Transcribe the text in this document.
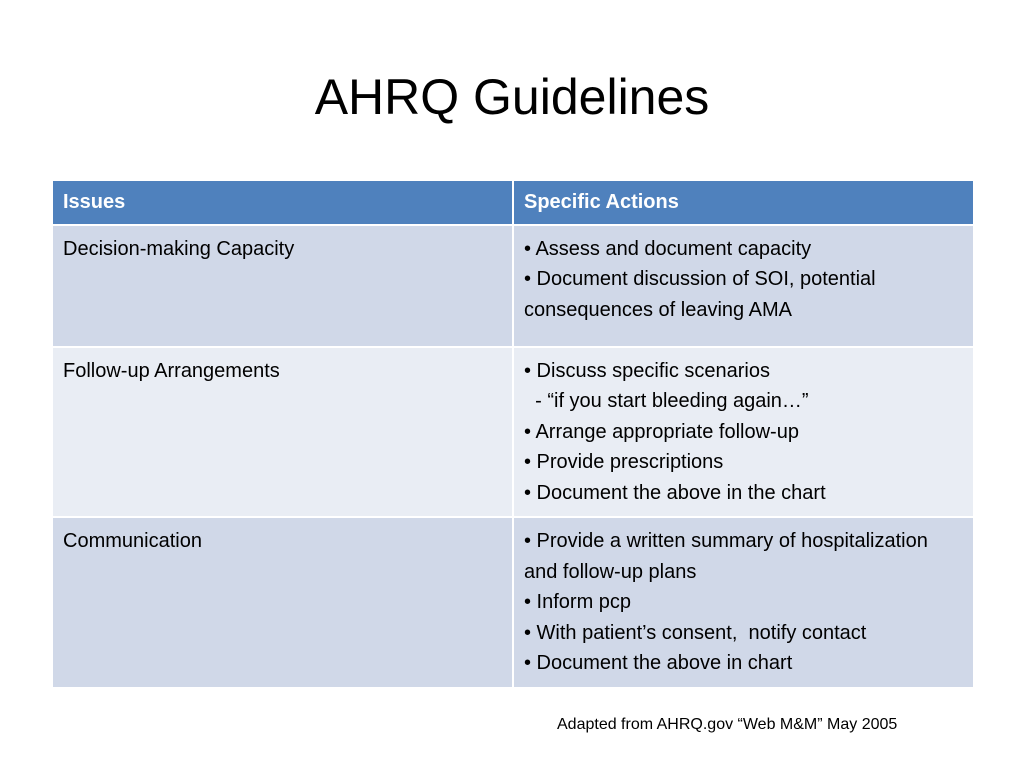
AHRQ Guidelines
Issues	Specific Actions
Decision-making Capacity	• Assess and document capacity
• Document discussion of SOI, potential consequences of leaving AMA

Follow-up Arrangements	• Discuss specific scenarios
- “if you start bleeding again…”
• Arrange appropriate follow-up
• Provide prescriptions
• Document the above in the chart

Communication	• Provide a written summary of hospitalization and follow-up plans
• Inform pcp
• With patient’s consent,  notify contact
• Document the above in chart
Adapted from AHRQ.gov “Web M&M” May 2005
